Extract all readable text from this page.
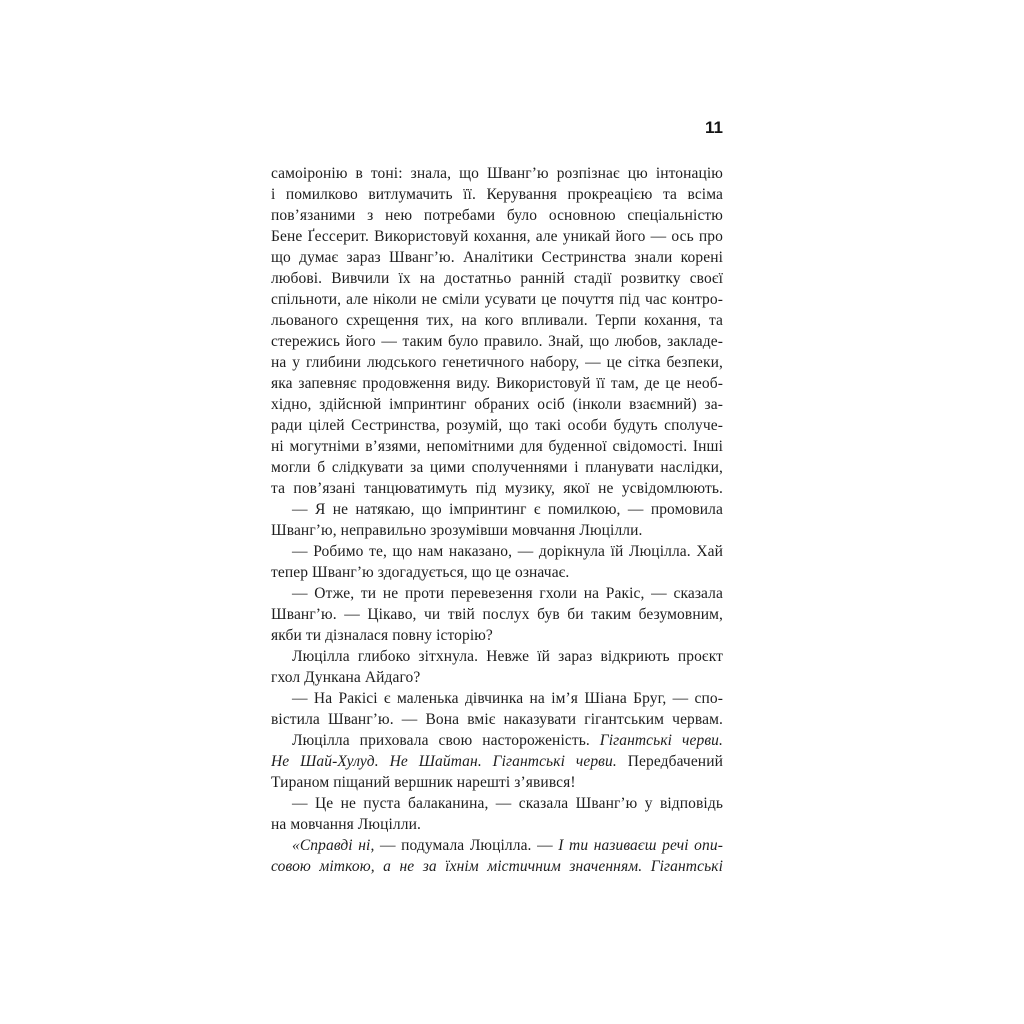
11
самоіронію в тоні: знала, що Шванг’ю розпізнає цю інтонацію
і помилково витлумачить її. Керування прокреацією та всіма
пов’язаними з нею потребами було основною спеціальністю
Бене Ґессерит. Використовуй кохання, але уникай його — ось про
що думає зараз Шванг’ю. Аналітики Сестринства знали корені
любові. Вивчили їх на достатньо ранній стадії розвитку своєї
спільноти, але ніколи не сміли усувати це почуття під час контро-
льованого схрещення тих, на кого впливали. Терпи кохання, та
стережись його — таким було правило. Знай, що любов, закладе-
на у глибини людського генетичного набору, — це сітка безпеки,
яка запевняє продовження виду. Використовуй її там, де це необ-
хідно, здійснюй імпринтинг обраних осіб (інколи взаємний) за-
ради цілей Сестринства, розумій, що такі особи будуть сполуче-
ні могутніми в’язями, непомітними для буденної свідомості. Інші
могли б слідкувати за цими сполученнями і планувати наслідки,
та пов’язані танцюватимуть під музику, якої не усвідомлюють.
— Я не натякаю, що імпринтинг є помилкою, — промовила
Шванг’ю, неправильно зрозумівши мовчання Люцілли.
— Робимо те, що нам наказано, — дорікнула їй Люцілла. Хай
тепер Шванг’ю здогадується, що це означає.
— Отже, ти не проти перевезення гхоли на Ракіс, — сказала
Шванг’ю. — Цікаво, чи твій послух був би таким безумовним,
якби ти дізналася повну історію?
Люцілла глибоко зітхнула. Невже їй зараз відкриють проєкт
гхол Дункана Айдаго?
— На Ракісі є маленька дівчинка на ім’я Шіана Бруг, — спо-
вістила Шванг’ю. — Вона вміє наказувати гігантським червам.
Люцілла приховала свою настороженість. Гігантські черви.
Не Шай-Хулуд. Не Шайтан. Гігантські черви. Передбачений
Тираном піщаний вершник нарешті з’явився!
— Це не пуста балаканина, — сказала Шванг’ю у відповідь
на мовчання Люцілли.
«Справді ні, — подумала Люцілла. — І ти називаєш речі опи-
совою міткою, а не за їхнім містичним значенням. Гігантські
